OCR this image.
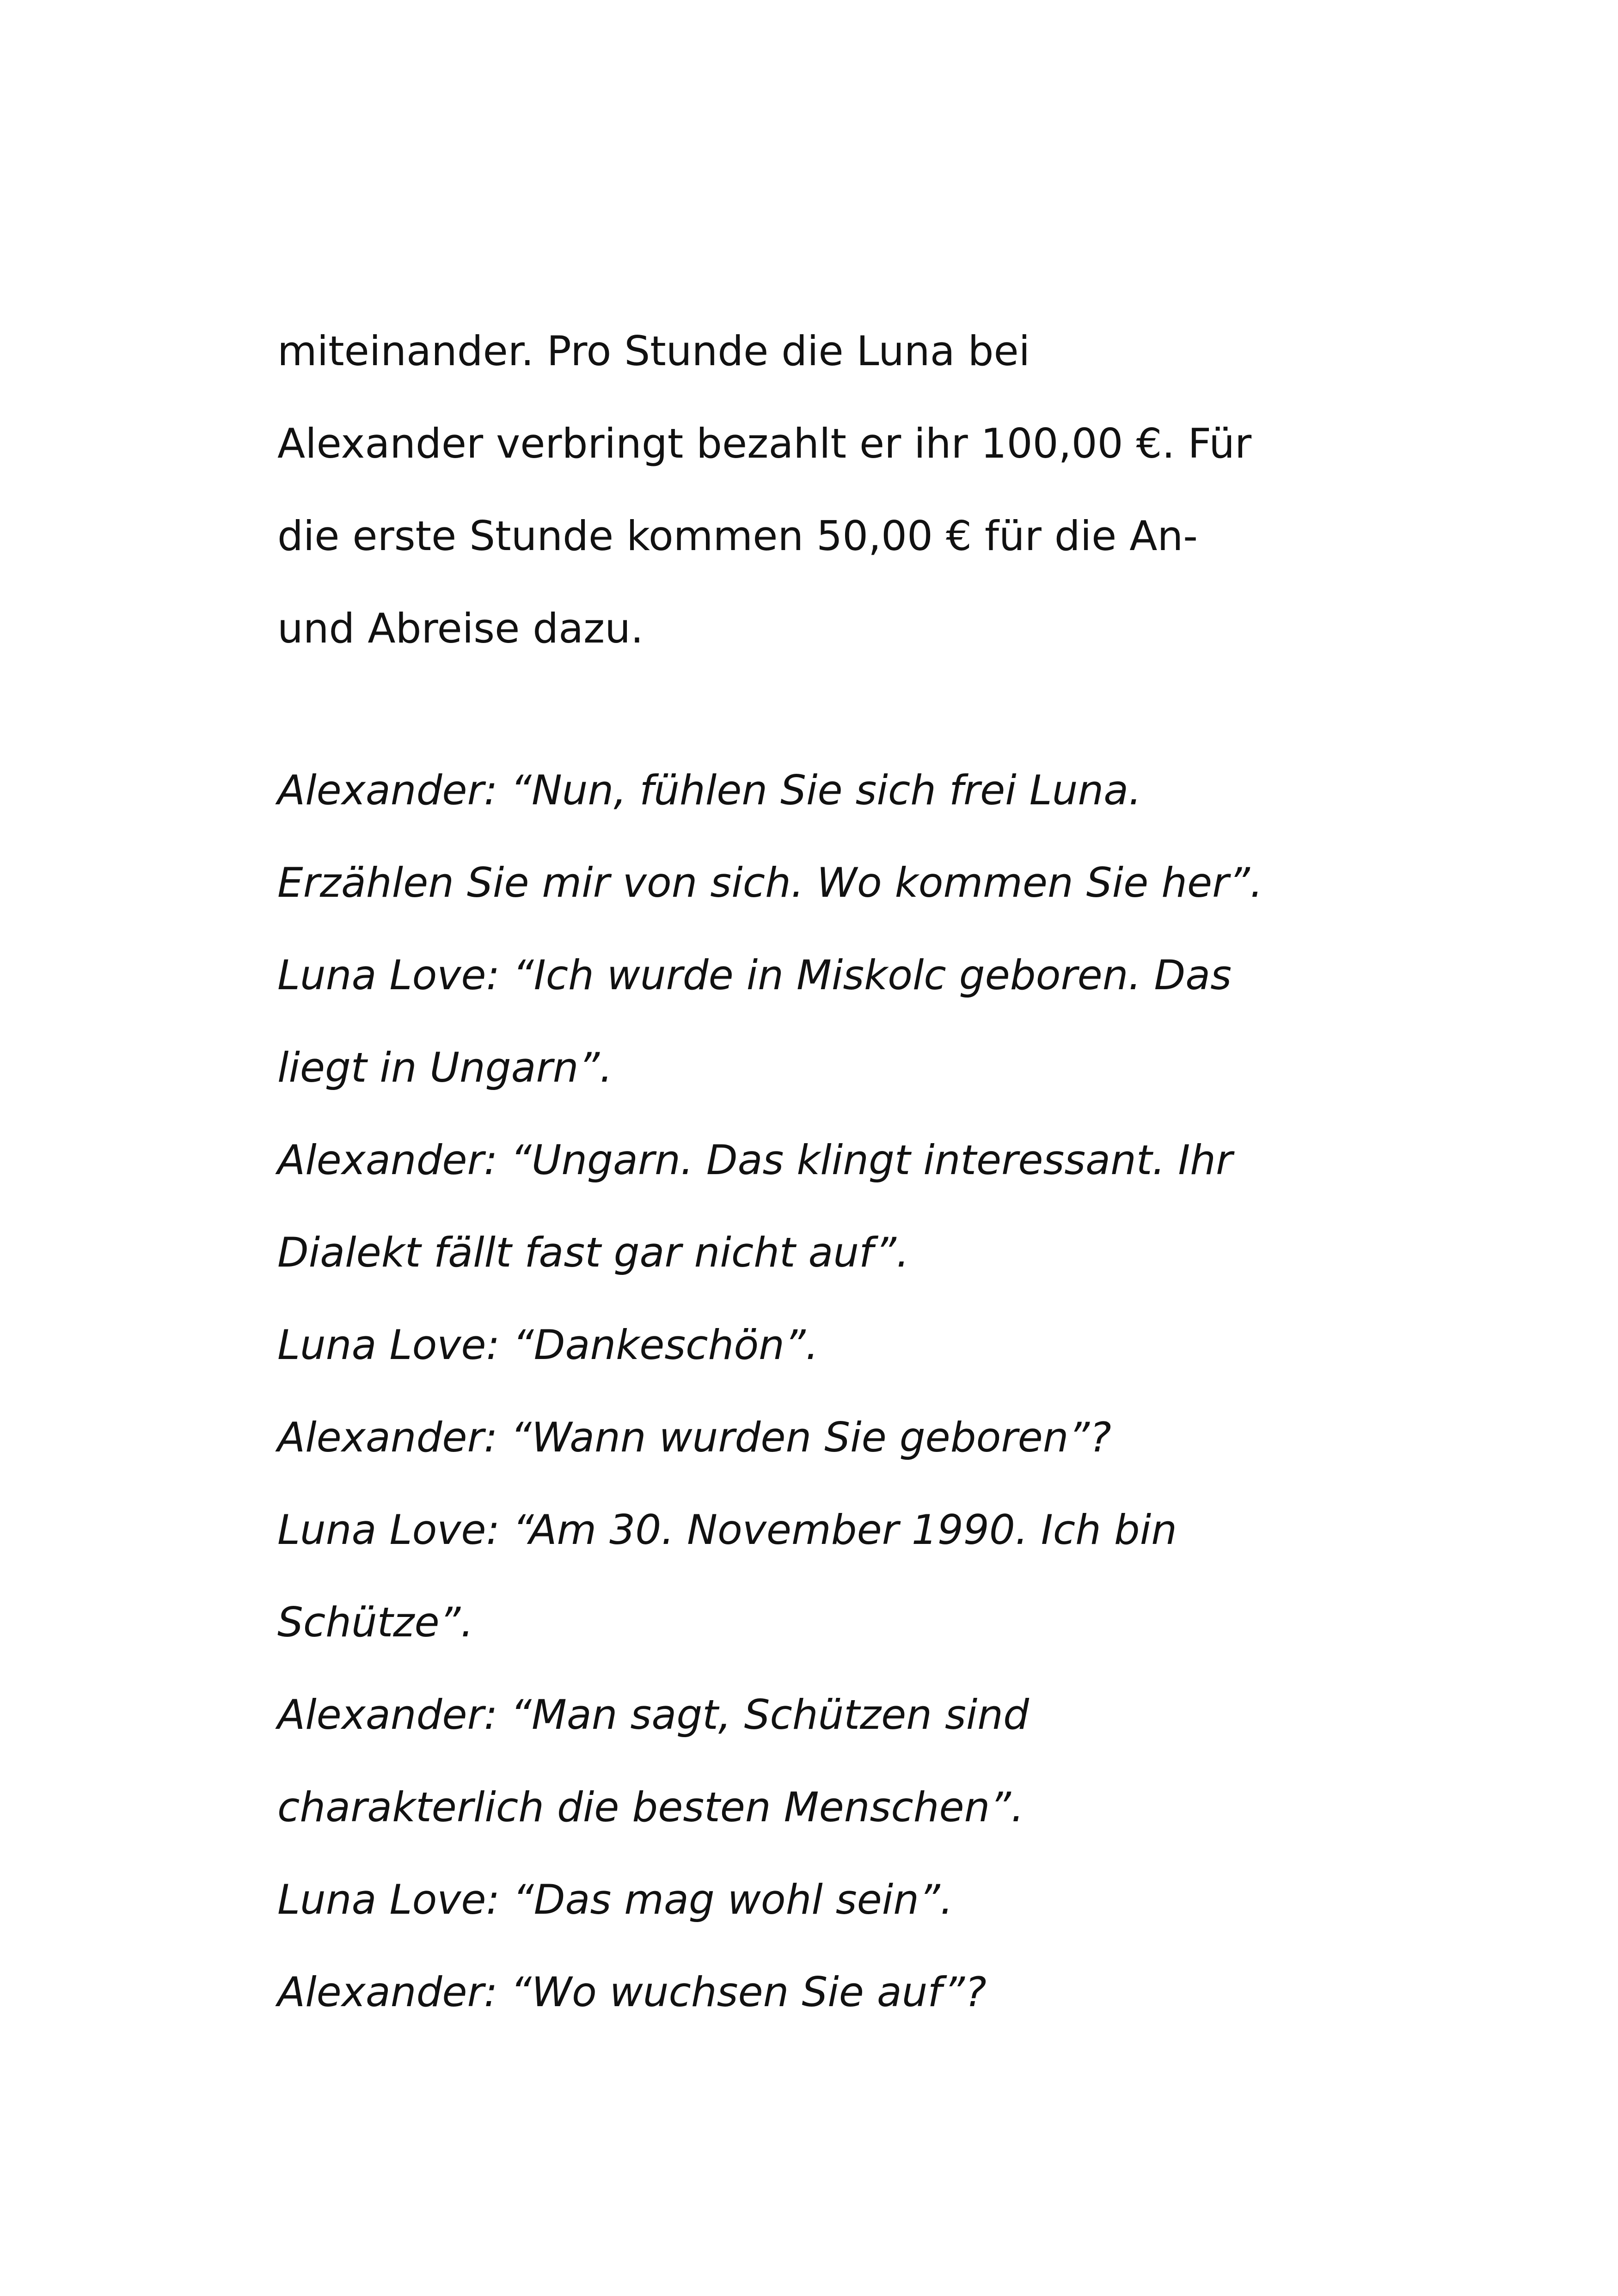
miteinander. Pro Stunde die Luna bei
Alexander verbringt bezahlt er ihr 100,00 €. Für
die erste Stunde kommen 50,00 € für die An-
und Abreise dazu.
Alexander: “Nun, fühlen Sie sich frei Luna.
Erzählen Sie mir von sich. Wo kommen Sie her”.
Luna Love: “Ich wurde in Miskolc geboren. Das
liegt in Ungarn”.
Alexander: “Ungarn. Das klingt interessant. Ihr
Dialekt fällt fast gar nicht auf”.
Luna Love: “Dankeschön”.
Alexander: “Wann wurden Sie geboren”?
Luna Love: “Am 30. November 1990. Ich bin
Schütze”.
Alexander: “Man sagt, Schützen sind
charakterlich die besten Menschen”.
Luna Love: “Das mag wohl sein”.
Alexander: “Wo wuchsen Sie auf”?
